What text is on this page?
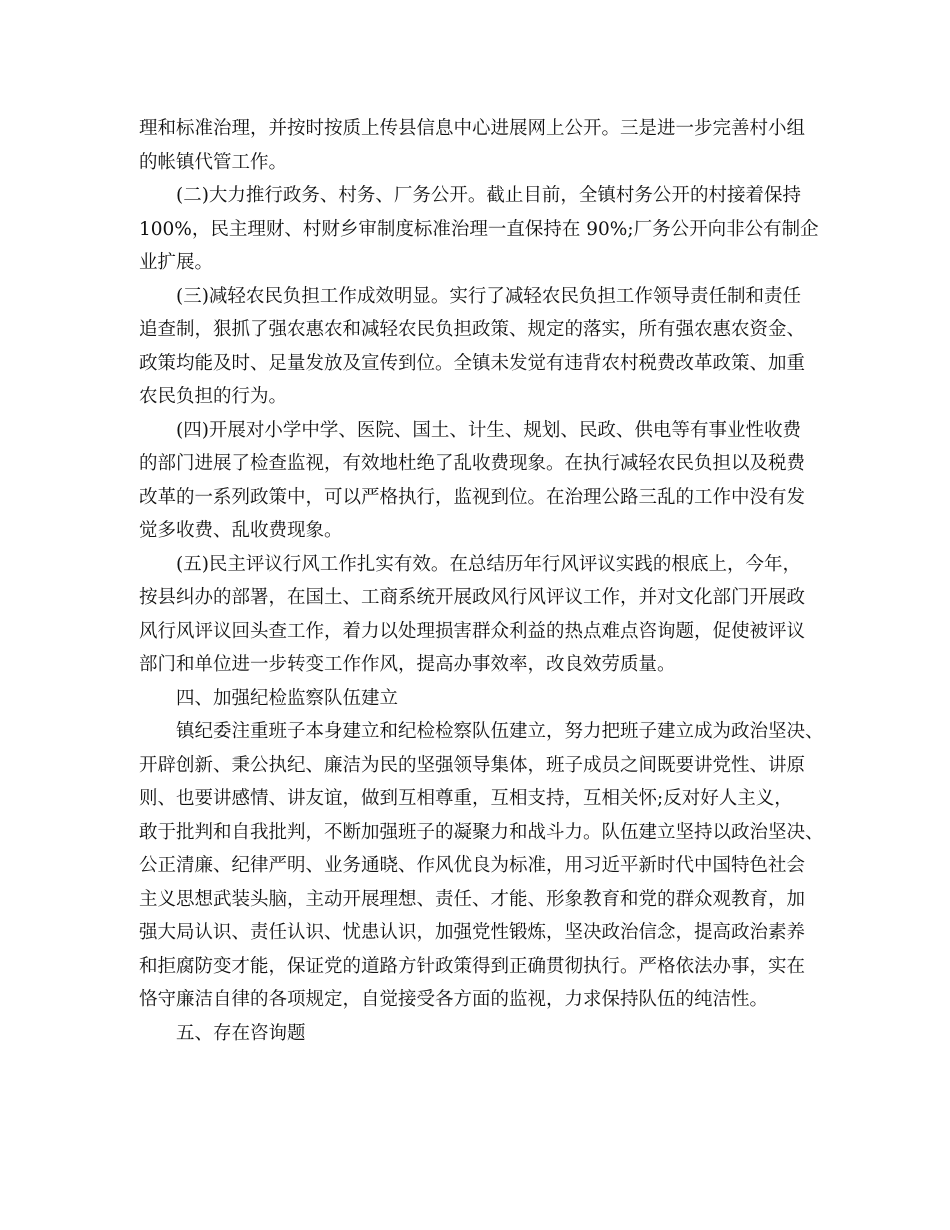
理和标准治理，并按时按质上传县信息中心进展网上公开。三是进一步完善村小组
的帐镇代管工作。
(二)大力推行政务、村务、厂务公开。截止目前，全镇村务公开的村接着保持
100%，民主理财、村财乡审制度标准治理一直保持在 90%;厂务公开向非公有制企
业扩展。
(三)减轻农民负担工作成效明显。实行了减轻农民负担工作领导责任制和责任
追查制，狠抓了强农惠农和减轻农民负担政策、规定的落实，所有强农惠农资金、
政策均能及时、足量发放及宣传到位。全镇未发觉有违背农村税费改革政策、加重
农民负担的行为。
(四)开展对小学中学、医院、国土、计生、规划、民政、供电等有事业性收费
的部门进展了检查监视，有效地杜绝了乱收费现象。在执行减轻农民负担以及税费
改革的一系列政策中，可以严格执行，监视到位。在治理公路三乱的工作中没有发
觉多收费、乱收费现象。
(五)民主评议行风工作扎实有效。在总结历年行风评议实践的根底上，今年，
按县纠办的部署，在国土、工商系统开展政风行风评议工作，并对文化部门开展政
风行风评议回头查工作，着力以处理损害群众利益的热点难点咨询题，促使被评议
部门和单位进一步转变工作作风，提高办事效率，改良效劳质量。
四、加强纪检监察队伍建立
镇纪委注重班子本身建立和纪检检察队伍建立，努力把班子建立成为政治坚决、
开辟创新、秉公执纪、廉洁为民的坚强领导集体，班子成员之间既要讲党性、讲原
则、也要讲感情、讲友谊，做到互相尊重，互相支持，互相关怀;反对好人主义，
敢于批判和自我批判，不断加强班子的凝聚力和战斗力。队伍建立坚持以政治坚决、
公正清廉、纪律严明、业务通晓、作风优良为标准，用习近平新时代中国特色社会
主义思想武装头脑，主动开展理想、责任、才能、形象教育和党的群众观教育，加
强大局认识、责任认识、忧患认识，加强党性锻炼，坚决政治信念，提高政治素养
和拒腐防变才能，保证党的道路方针政策得到正确贯彻执行。严格依法办事，实在
恪守廉洁自律的各项规定，自觉接受各方面的监视，力求保持队伍的纯洁性。
五、存在咨询题
